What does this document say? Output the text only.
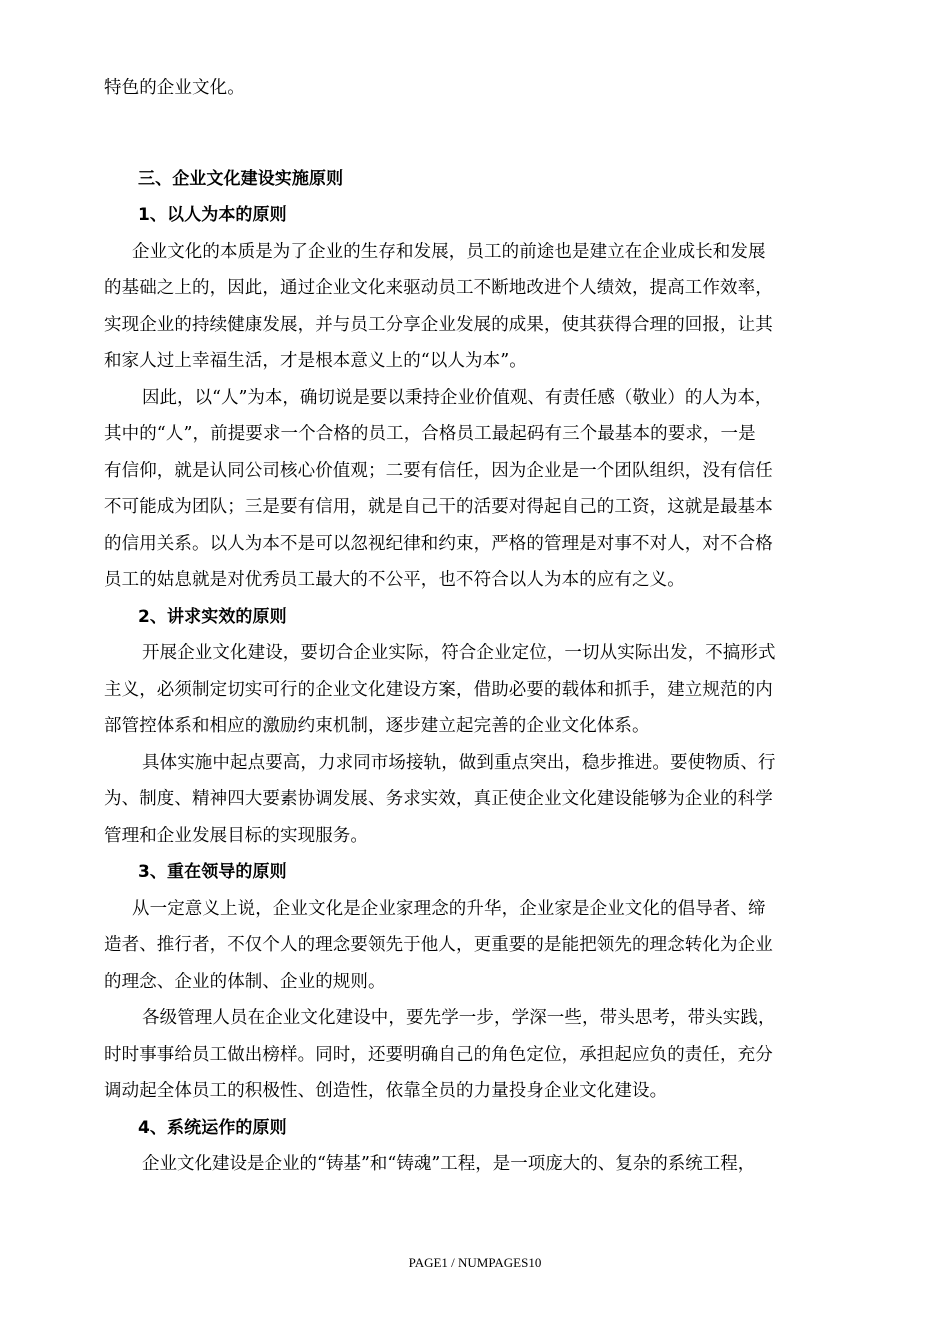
特色的企业文化。
三、企业文化建设实施原则
1、以人为本的原则
企业文化的本质是为了企业的生存和发展，员工的前途也是建立在企业成长和发展
的基础之上的，因此，通过企业文化来驱动员工不断地改进个人绩效，提高工作效率，
实现企业的持续健康发展，并与员工分享企业发展的成果，使其获得合理的回报，让其
和家人过上幸福生活，才是根本意义上的“以人为本”。
因此，以“人”为本，确切说是要以秉持企业价值观、有责任感（敬业）的人为本，
其中的“人”，前提要求一个合格的员工，合格员工最起码有三个最基本的要求，一是
有信仰，就是认同公司核心价值观；二要有信任，因为企业是一个团队组织，没有信任
不可能成为团队；三是要有信用，就是自己干的活要对得起自己的工资，这就是最基本
的信用关系。以人为本不是可以忽视纪律和约束，严格的管理是对事不对人，对不合格
员工的姑息就是对优秀员工最大的不公平，也不符合以人为本的应有之义。
2、讲求实效的原则
开展企业文化建设，要切合企业实际，符合企业定位，一切从实际出发，不搞形式
主义，必须制定切实可行的企业文化建设方案，借助必要的载体和抓手，建立规范的内
部管控体系和相应的激励约束机制，逐步建立起完善的企业文化体系。
具体实施中起点要高，力求同市场接轨，做到重点突出，稳步推进。要使物质、行
为、制度、精神四大要素协调发展、务求实效，真正使企业文化建设能够为企业的科学
管理和企业发展目标的实现服务。
3、重在领导的原则
从一定意义上说，企业文化是企业家理念的升华，企业家是企业文化的倡导者、缔
造者、推行者，不仅个人的理念要领先于他人，更重要的是能把领先的理念转化为企业
的理念、企业的体制、企业的规则。
各级管理人员在企业文化建设中，要先学一步，学深一些，带头思考，带头实践，
时时事事给员工做出榜样。同时，还要明确自己的角色定位，承担起应负的责任，充分
调动起全体员工的积极性、创造性，依靠全员的力量投身企业文化建设。
4、系统运作的原则
企业文化建设是企业的“铸基”和“铸魂”工程，是一项庞大的、复杂的系统工程，
PAGE1 / NUMPAGES10
